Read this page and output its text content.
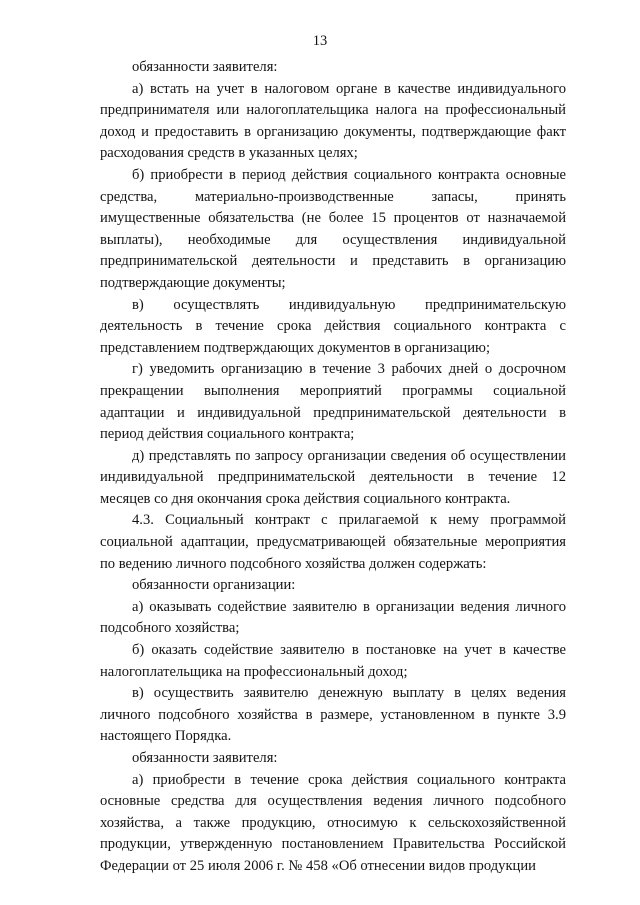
13

обязанности заявителя:

а) встать на учет в налоговом органе в качестве индивидуального предпринимателя или налогоплательщика налога на профессиональный доход и предоставить в организацию документы, подтверждающие факт расходования средств в указанных целях;

б) приобрести в период действия социального контракта основные средства, материально-производственные запасы, принять имущественные обязательства (не более 15 процентов от назначаемой выплаты), необходимые для осуществления индивидуальной предпринимательской деятельности и представить в организацию подтверждающие документы;

в) осуществлять индивидуальную предпринимательскую деятельность в течение срока действия социального контракта с представлением подтверждающих документов в организацию;

г) уведомить организацию в течение 3 рабочих дней о досрочном прекращении выполнения мероприятий программы социальной адаптации и индивидуальной предпринимательской деятельности в период действия социального контракта;

д) представлять по запросу организации сведения об осуществлении индивидуальной предпринимательской деятельности в течение 12 месяцев со дня окончания срока действия социального контракта.

4.3. Социальный контракт с прилагаемой к нему программой социальной адаптации, предусматривающей обязательные мероприятия по ведению личного подсобного хозяйства должен содержать:

обязанности организации:

а) оказывать содействие заявителю в организации ведения личного подсобного хозяйства;

б) оказать содействие заявителю в постановке на учет в качестве налогоплательщика на профессиональный доход;

в) осуществить заявителю денежную выплату в целях ведения личного подсобного хозяйства в размере, установленном в пункте 3.9 настоящего Порядка.

обязанности заявителя:

а) приобрести в течение срока действия социального контракта основные средства для осуществления ведения личного подсобного хозяйства, а также продукцию, относимую к сельскохозяйственной продукции, утвержденную постановлением Правительства Российской Федерации от 25 июля 2006 г. № 458 «Об отнесении видов продукции
